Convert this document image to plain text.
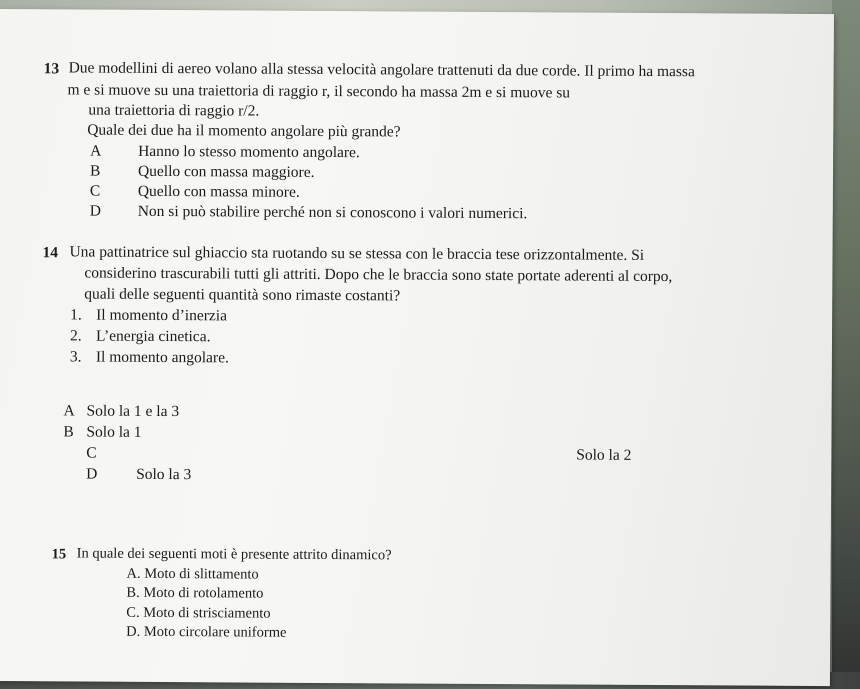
13 Due modellini di aereo volano alla stessa velocità angolare trattenuti da due corde. Il primo ha massa
m e si muove su una traiettoria di raggio r, il secondo ha massa 2m e si muove su
una traiettoria di raggio r/2.
Quale dei due ha il momento angolare più grande?
A Hanno lo stesso momento angolare.
B Quello con massa maggiore.
C Quello con massa minore.
D Non si può stabilire perché non si conoscono i valori numerici.
14 Una pattinatrice sul ghiaccio sta ruotando su se stessa con le braccia tese orizzontalmente. Si
considerino trascurabili tutti gli attriti. Dopo che le braccia sono state portate aderenti al corpo,
quali delle seguenti quantità sono rimaste costanti?
1. Il momento d’inerzia
2. L’energia cinetica.
3. Il momento angolare.
A Solo la 1 e la 3
B Solo la 1
C	Solo la 2
D Solo la 3
15 In quale dei seguenti moti è presente attrito dinamico?
A. Moto di slittamento
B. Moto di rotolamento
C. Moto di strisciamento
D. Moto circolare uniforme
